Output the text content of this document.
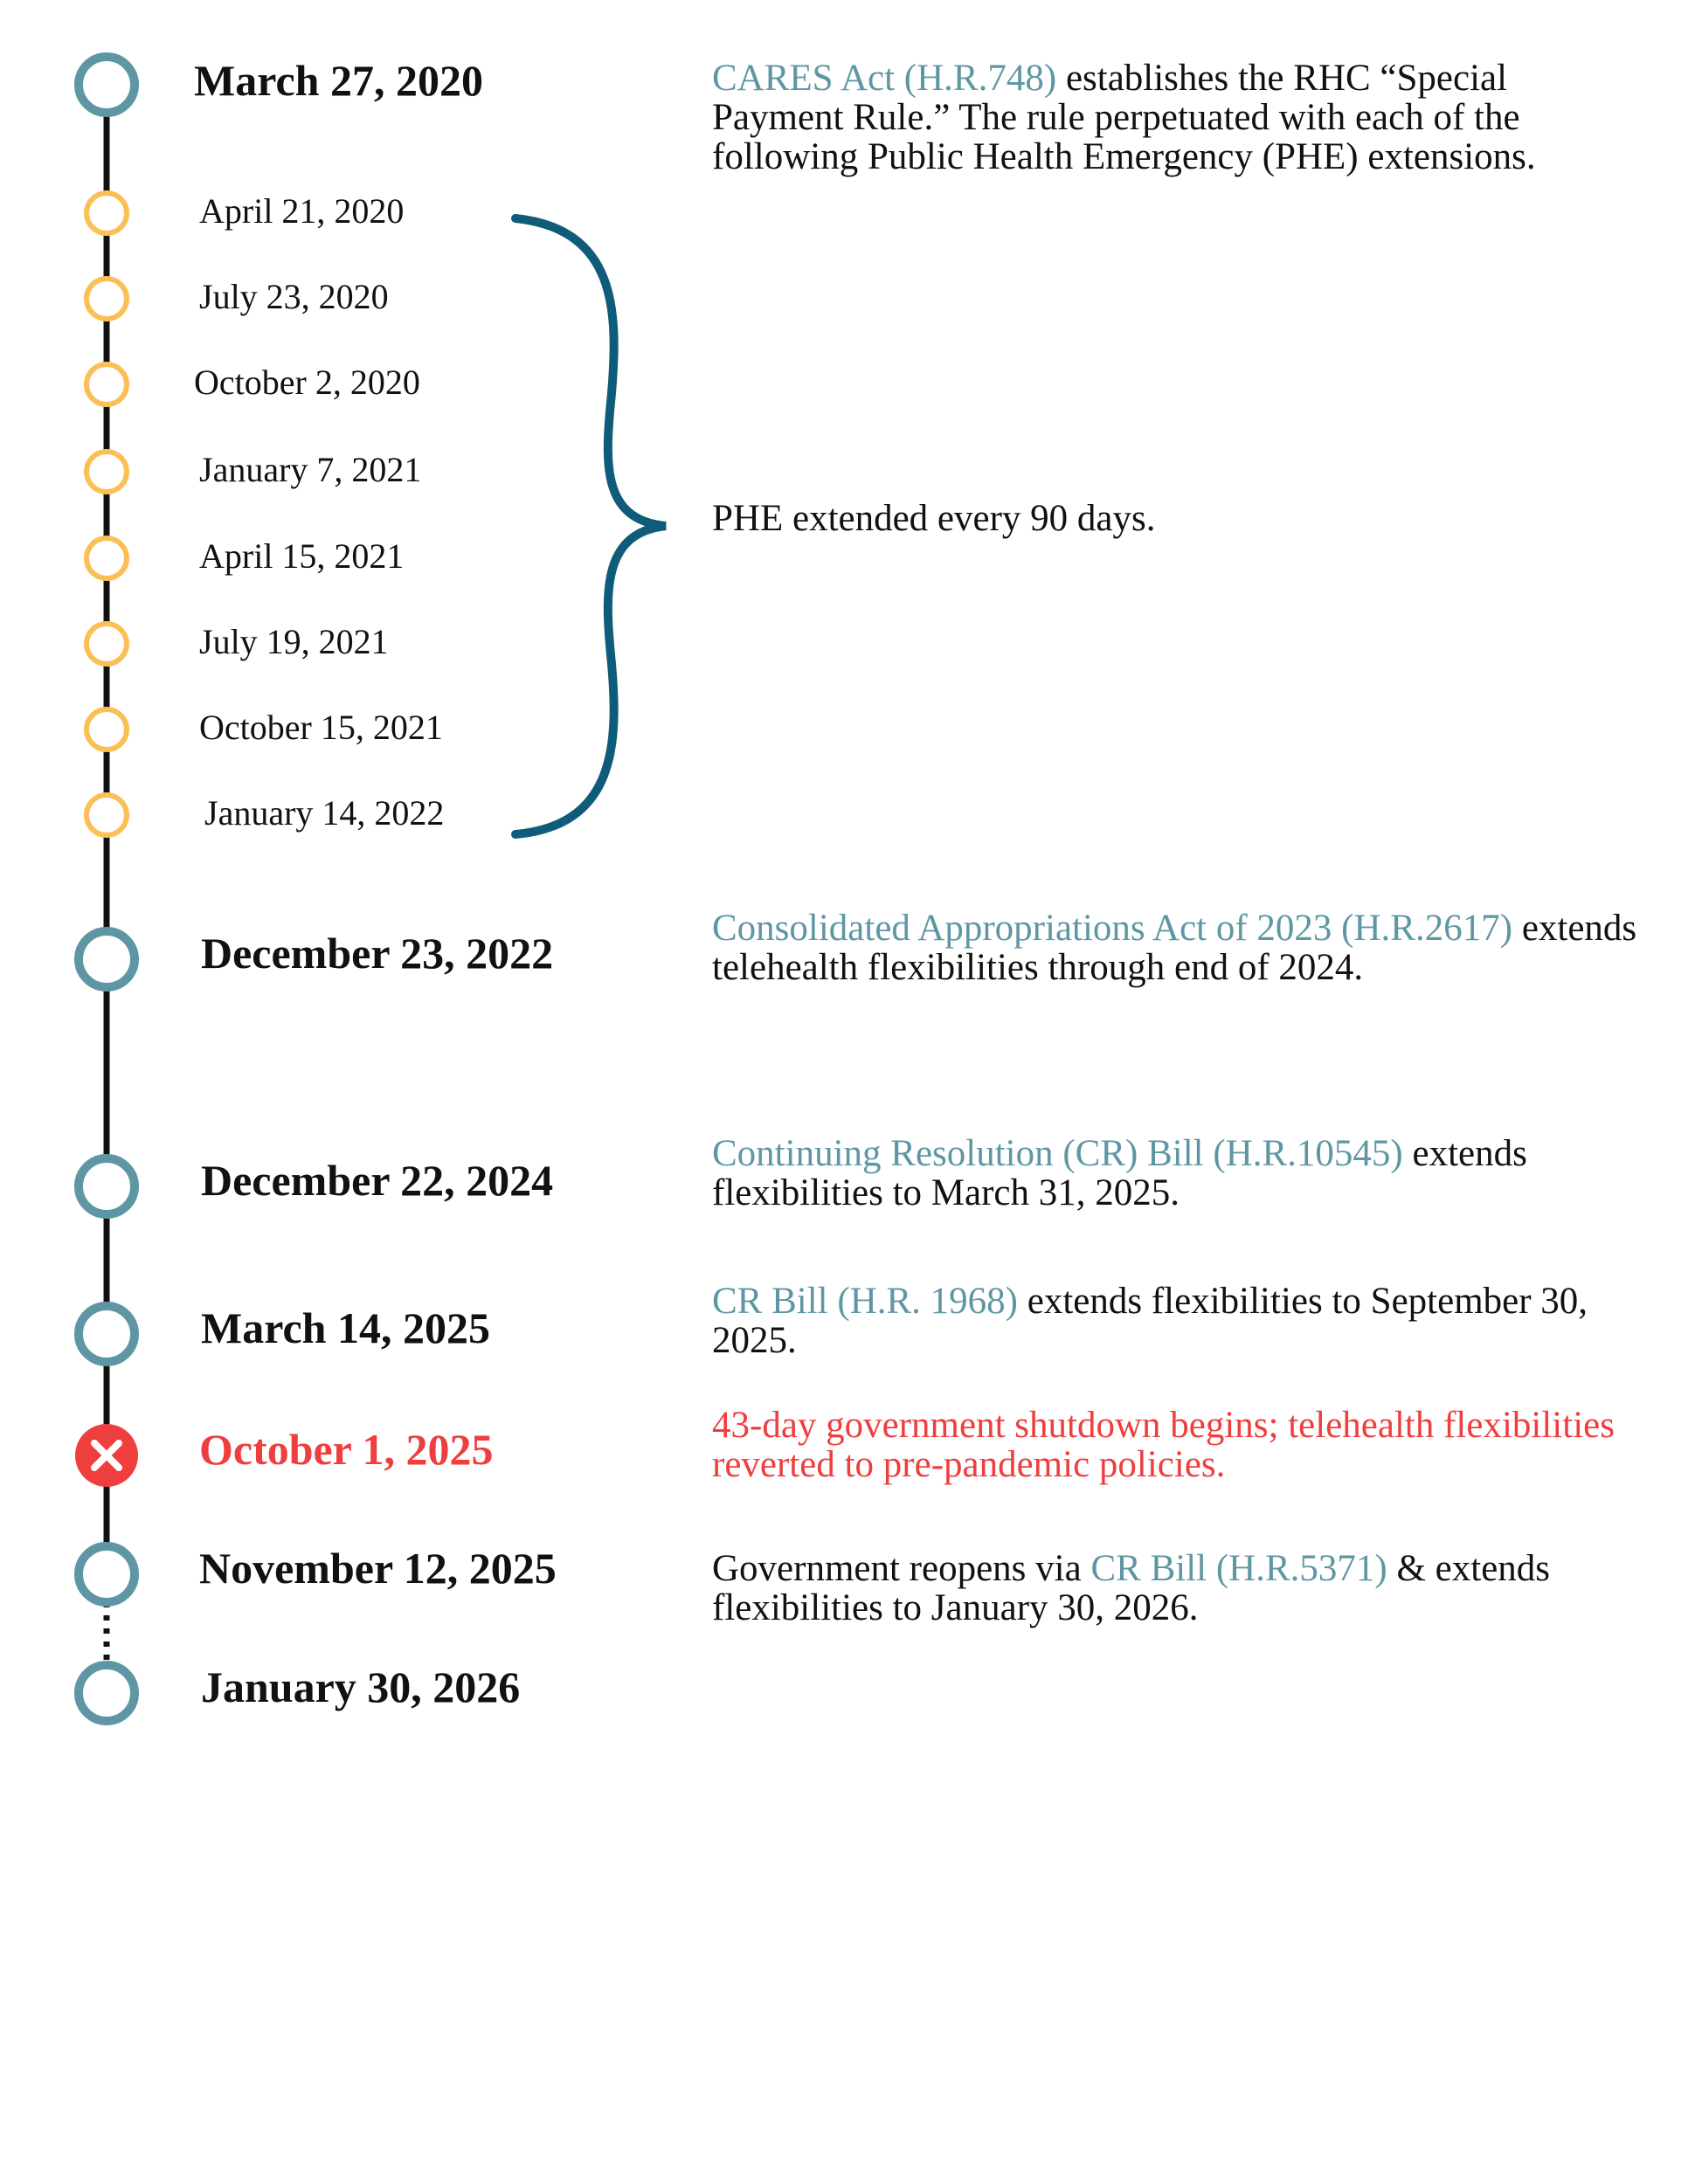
March 27, 2020
April 21, 2020
July 23, 2020
October 2, 2020
January 7, 2021
April 15, 2021
July 19, 2021
October 15, 2021
January 14, 2022
December 23, 2022
December 22, 2024
March 14, 2025
October 1, 2025
November 12, 2025
January 30, 2026
CARES Act (H.R.748) establishes the RHC “Special Payment Rule.” The rule perpetuated with each of the following Public Health Emergency (PHE) extensions.
PHE extended every 90 days.
Consolidated Appropriations Act of 2023 (H.R.2617) extends telehealth flexibilities through end of 2024.
Continuing Resolution (CR) Bill (H.R.10545) extends flexibilities to March 31, 2025.
CR Bill (H.R. 1968) extends flexibilities to September 30, 2025.
43-day government shutdown begins; telehealth flexibilities reverted to pre-pandemic policies.
Government reopens via CR Bill (H.R.5371) & extends flexibilities to January 30, 2026.
